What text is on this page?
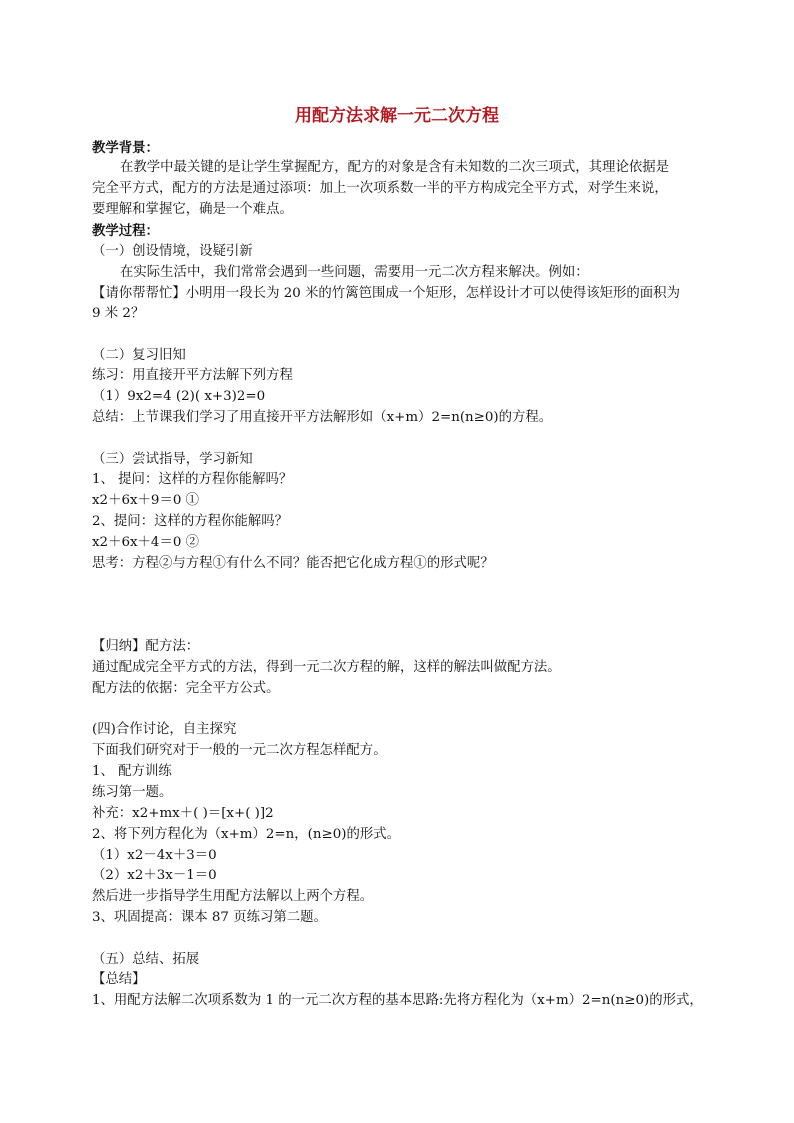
用配方法求解一元二次方程
教学背景：
在教学中最关键的是让学生掌握配方，配方的对象是含有未知数的二次三项式，其理论依据是
完全平方式，配方的方法是通过添项：加上一次项系数一半的平方构成完全平方式，对学生来说，
要理解和掌握它，确是一个难点。
教学过程：
（一）创设情境，设疑引新
在实际生活中，我们常常会遇到一些问题，需要用一元二次方程来解决。例如：
【请你帮帮忙】小明用一段长为 20 米的竹篱笆围成一个矩形，怎样设计才可以使得该矩形的面积为
9 米 2？
（二）复习旧知
练习：用直接开平方法解下列方程
（1）9x2=4 (2)( x+3)2=0
总结：上节课我们学习了用直接开平方法解形如（x+m）2=n(n≥0)的方程。
（三）尝试指导，学习新知
1、 提问：这样的方程你能解吗？
x2＋6x＋9＝0 ①
2、提问：这样的方程你能解吗？
x2＋6x＋4＝0 ②
思考：方程②与方程①有什么不同？能否把它化成方程①的形式呢？
【归纳】配方法：
通过配成完全平方式的方法，得到一元二次方程的解，这样的解法叫做配方法。
配方法的依据：完全平方公式。
(四)合作讨论，自主探究
下面我们研究对于一般的一元二次方程怎样配方。
1、 配方训练
练习第一题。
补充：x2+mx＋( )＝[x+( )]2
2、将下列方程化为（x+m）2=n，(n≥0)的形式。
（1）x2－4x＋3＝0
（2）x2＋3x－1＝0
然后进一步指导学生用配方法解以上两个方程。
3、巩固提高：课本 87 页练习第二题。
（五）总结、拓展
【总结】
1、用配方法解二次项系数为 1 的一元二次方程的基本思路:先将方程化为（x+m）2=n(n≥0)的形式，
